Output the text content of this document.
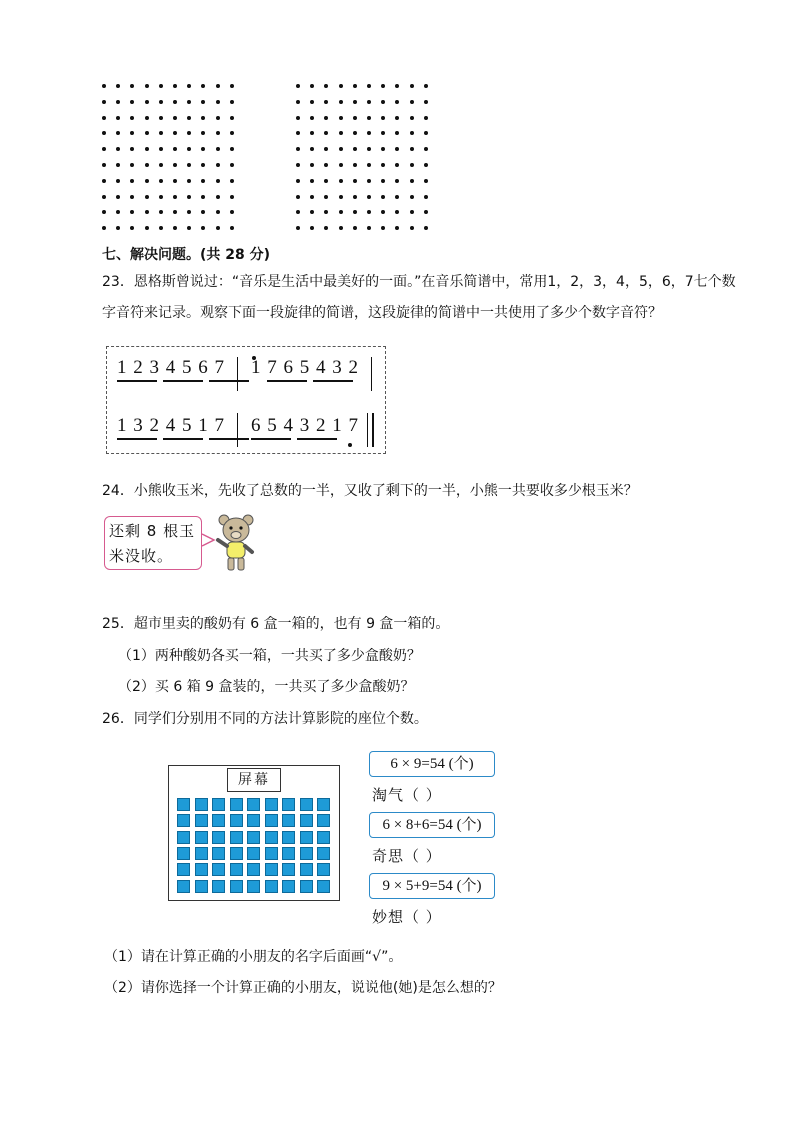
七、解决问题。(共 28 分)
23．恩格斯曾说过：“音乐是生活中最美好的一面。”在音乐简谱中，常用1，2，3，4，5，6，7七个数
字音符来记录。观察下面一段旋律的简谱，这段旋律的简谱中一共使用了多少个数字音符？
1 2 3 4 5 6 7 1 7 6 5 4 3 2
1 3 2 4 5 1 7 6 5 4 3 2 1 7
24．小熊收玉米，先收了总数的一半，又收了剩下的一半，小熊一共要收多少根玉米？
还剩 8 根玉
米没收。
25．超市里卖的酸奶有 6 盒一箱的，也有 9 盒一箱的。
（1）两种酸奶各买一箱，一共买了多少盒酸奶？
（2）买 6 箱 9 盒装的，一共买了多少盒酸奶？
26．同学们分别用不同的方法计算影院的座位个数。
屏幕
6 × 9=54 (个)
淘气（ ）
6 × 8+6=54 (个)
奇思（ ）
9 × 5+9=54 (个)
妙想（ ）
（1）请在计算正确的小朋友的名字后面画“√”。
（2）请你选择一个计算正确的小朋友，说说他(她)是怎么想的？
